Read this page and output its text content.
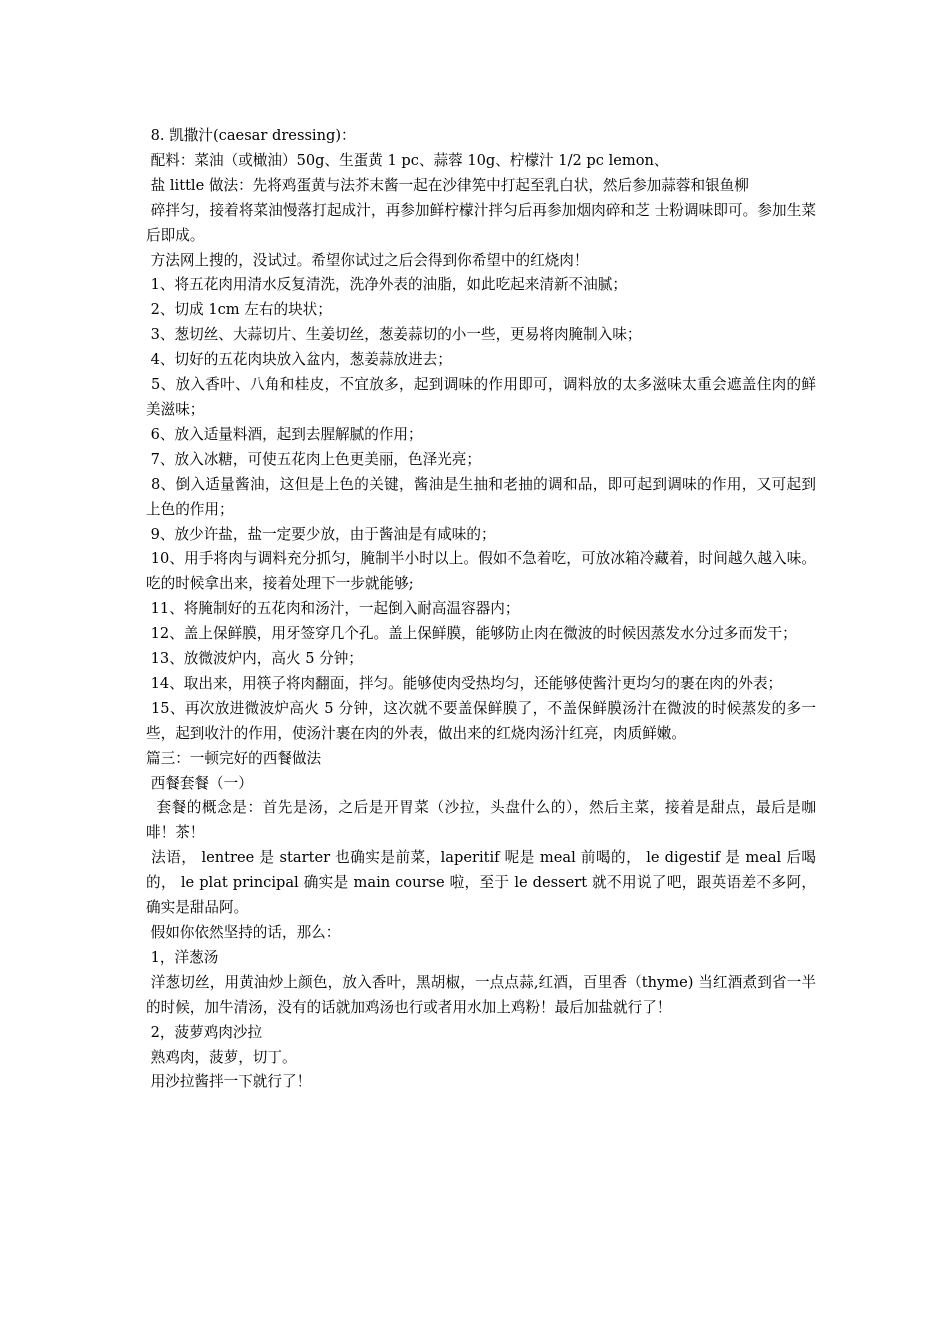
8. 凯撒汁(caesar dressing)：

配料：菜油（或橄油）50g、生蛋黄 1 pc、蒜蓉 10g、柠檬汁 1/2 pc lemon、

盐 little 做法：先将鸡蛋黄与法芥末酱一起在沙律筅中打起至乳白状，然后参加蒜蓉和银鱼柳

碎拌匀，接着将菜油慢落打起成汁，再参加鲜柠檬汁拌匀后再参加烟肉碎和芝 士粉调味即可。参加生菜后即成。

方法网上搜的，没试过。希望你试过之后会得到你希望中的红烧肉！

1、将五花肉用清水反复清洗，洗净外表的油脂，如此吃起来清新不油腻；

2、切成 1cm 左右的块状；

3、葱切丝、大蒜切片、生姜切丝，葱姜蒜切的小一些，更易将肉腌制入味；

4、切好的五花肉块放入盆内，葱姜蒜放进去；

5、放入香叶、八角和桂皮，不宜放多，起到调味的作用即可，调料放的太多滋味太重会遮盖住肉的鲜美滋味；

6、放入适量料酒，起到去腥解腻的作用；

7、放入冰糖，可使五花肉上色更美丽，色泽光亮；

8、倒入适量酱油，这但是上色的关键，酱油是生抽和老抽的调和品，即可起到调味的作用，又可起到上色的作用；

9、放少许盐，盐一定要少放，由于酱油是有咸味的；

10、用手将肉与调料充分抓匀，腌制半小时以上。假如不急着吃，可放冰箱冷藏着，时间越久越入味。吃的时候拿出来，接着处理下一步就能够;

11、将腌制好的五花肉和汤汁，一起倒入耐高温容器内；

12、盖上保鲜膜，用牙签穿几个孔。盖上保鲜膜，能够防止肉在微波的时候因蒸发水分过多而发干；

13、放微波炉内，高火 5 分钟；

14、取出来，用筷子将肉翻面，拌匀。能够使肉受热均匀，还能够使酱汁更均匀的裹在肉的外表；

15、再次放进微波炉高火 5 分钟，这次就不要盖保鲜膜了，不盖保鲜膜汤汁在微波的时候蒸发的多一些，起到收汁的作用，使汤汁裹在肉的外表，做出来的红烧肉汤汁红亮，肉质鲜嫩。

篇三：一顿完好的西餐做法

西餐套餐（一）

套餐的概念是：首先是汤，之后是开胃菜（沙拉，头盘什么的），然后主菜，接着是甜点，最后是咖啡！茶！

法语， lentree 是 starter 也确实是前菜，laperitif 呢是 meal 前喝的， le digestif 是 meal 后喝的， le plat principal 确实是 main course 啦，至于 le dessert 就不用说了吧，跟英语差不多阿，确实是甜品阿。

假如你依然坚持的话，那么：

1，洋葱汤

洋葱切丝，用黄油炒上颜色，放入香叶，黑胡椒，一点点蒜,红酒，百里香（thyme) 当红酒煮到省一半的时候，加牛清汤，没有的话就加鸡汤也行或者用水加上鸡粉！最后加盐就行了！

2，菠萝鸡肉沙拉

熟鸡肉，菠萝，切丁。

用沙拉酱拌一下就行了！
